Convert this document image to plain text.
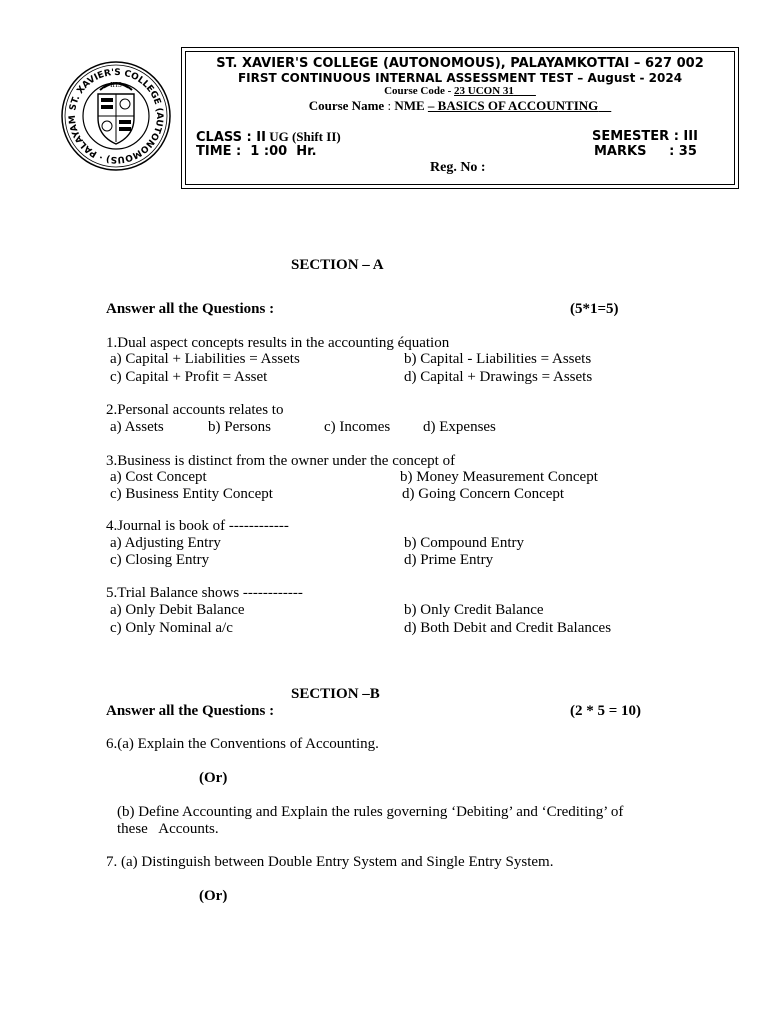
ST. XAVIER'S COLLEGE (AUTONOMOUS) · PALAYAM
IHS
ST. XAVIER'S COLLEGE (AUTONOMOUS), PALAYAMKOTTAI – 627 002
FIRST CONTINUOUS INTERNAL ASSESSMENT TEST – August - 2024
Course Code - 23 UCON 31
Course Name : NME – BASICS OF ACCOUNTING
CLASS : II UG (Shift II)
TIME :  1 :00  Hr.
SEMESTER : III
MARKS     : 35
Reg. No :
SECTION – A
Answer all the Questions :	(5*1=5)
1.Dual aspect concepts results in the accounting équation
a) Capital + Liabilities = Assets	b) Capital - Liabilities = Assets
c) Capital + Profit = Asset	d) Capital + Drawings = Assets
2.Personal accounts relates to
a) Assets	b) Persons	c) Incomes d) Expenses
3.Business is distinct from the owner under the concept of
a) Cost Concept	b) Money Measurement Concept
c) Business Entity Concept	d) Going Concern Concept
4.Journal is book of ------------
a) Adjusting Entry	b) Compound Entry
c) Closing Entry	d) Prime Entry
5.Trial Balance shows ------------
a) Only Debit Balance	b) Only Credit Balance
c) Only Nominal a/c	d) Both Debit and Credit Balances
SECTION –B
Answer all the Questions :	(2 * 5 = 10)
6.(a) Explain the Conventions of Accounting.
(Or)
(b) Define Accounting and Explain the rules governing ‘Debiting’ and ‘Crediting’ of
these   Accounts.
7. (a) Distinguish between Double Entry System and Single Entry System.
(Or)
